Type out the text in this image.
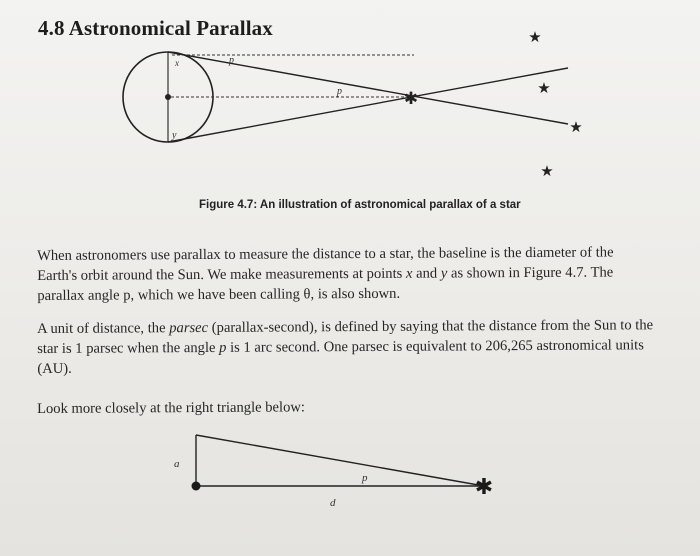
4.8 Astronomical Parallax
✱
★
★
★
★
x
y
p
p
Figure 4.7: An illustration of astronomical parallax of a star
When astronomers use parallax to measure the distance to a star, the baseline is the diameter of the
Earth's orbit around the Sun. We make measurements at points x and y as shown in Figure 4.7. The
parallax angle p, which we have been calling θ, is also shown.
A unit of distance, the parsec (parallax-second), is defined by saying that the distance from the Sun to the
star is 1 parsec when the angle p is 1 arc second. One parsec is equivalent to 206,265 astronomical units
(AU).
Look more closely at the right triangle below:
✱
a
p
d
